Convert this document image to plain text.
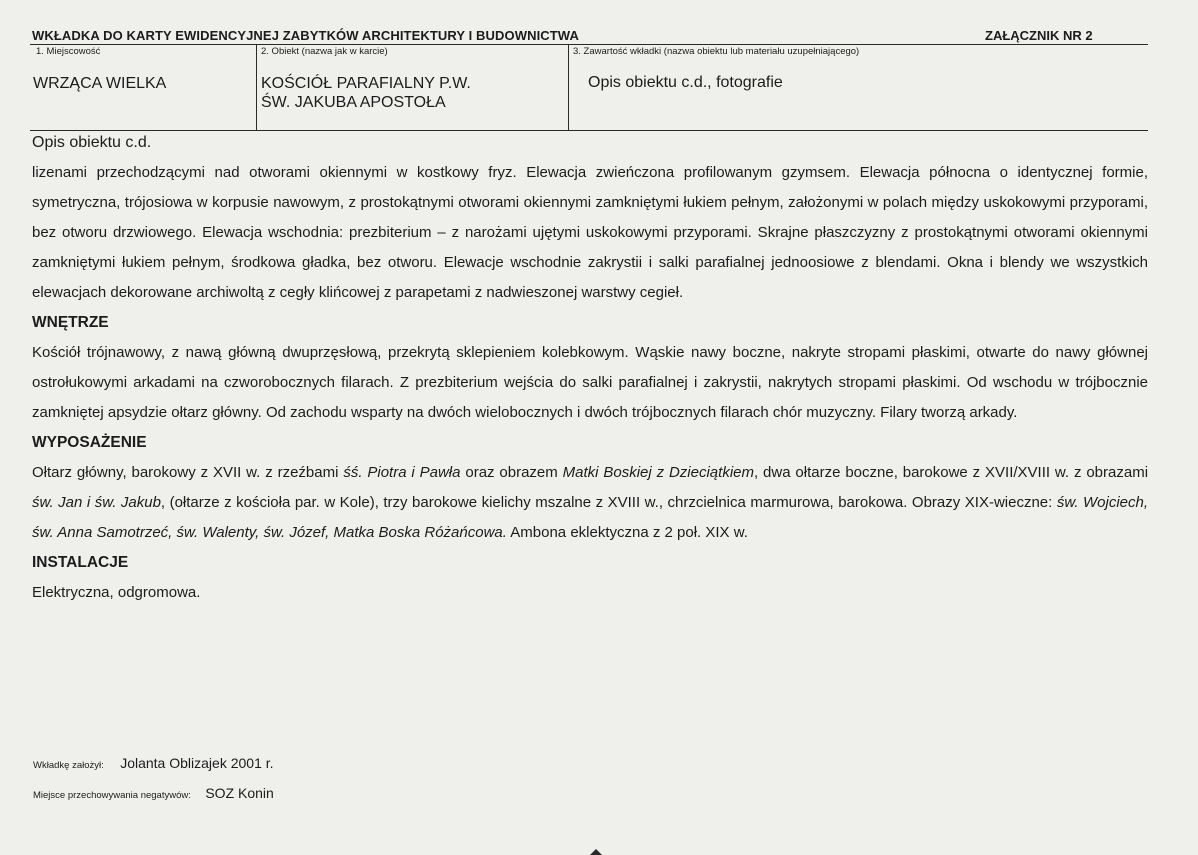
WKŁADKA DO KARTY EWIDENCYJNEJ ZABYTKÓW ARCHITEKTURY I BUDOWNICTWA	ZAŁĄCZNIK NR 2
1. Miejscowość
WRZĄCA WIELKA
2. Obiekt (nazwa jak w karcie)
KOŚCIÓŁ PARAFIALNY P.W.
ŚW. JAKUBA APOSTOŁA
3. Zawartość wkładki (nazwa obiektu lub materiału uzupełniającego)
Opis obiektu c.d., fotografie

Opis obiektu c.d.

lizenami przechodzącymi nad otworami okiennymi w kostkowy fryz. Elewacja zwieńczona profilowanym gzymsem. Elewacja północna o identycznej formie, symetryczna, trójosiowa w korpusie nawowym, z prostokątnymi otworami okiennymi zamkniętymi łukiem pełnym, założonymi w polach między uskokowymi przyporami, bez otworu drzwiowego. Elewacja wschodnia: prezbiterium – z narożami ujętymi uskokowymi przyporami. Skrajne płaszczyzny z prostokątnymi otworami okiennymi zamkniętymi łukiem pełnym, środkowa gładka, bez otworu. Elewacje wschodnie zakrystii i salki parafialnej jednoosiowe z blendami. Okna i blendy we wszystkich elewacjach dekorowane archiwoltą z cegły klińcowej z parapetami z nadwieszonej warstwy cegieł.

WNĘTRZE

Kościół trójnawowy, z nawą główną dwuprzęsłową, przekrytą sklepieniem kolebkowym. Wąskie nawy boczne, nakryte stropami płaskimi, otwarte do nawy głównej ostrołukowymi arkadami na czworobocznych filarach. Z prezbiterium wejścia do salki parafialnej i zakrystii, nakrytych stropami płaskimi. Od wschodu w trójbocznie zamkniętej apsydzie ołtarz główny. Od zachodu wsparty na dwóch wielobocznych i dwóch trójbocznych filarach chór muzyczny. Filary tworzą arkady.

WYPOSAŻENIE

Ołtarz główny, barokowy z XVII w. z rzeźbami śś. Piotra i Pawła oraz obrazem Matki Boskiej z Dzieciątkiem, dwa ołtarze boczne, barokowe z XVII/XVIII w. z obrazami św. Jan i św. Jakub, (ołtarze z kościoła par. w Kole), trzy barokowe kielichy mszalne z XVIII w., chrzcielnica marmurowa, barokowa. Obrazy XIX-wieczne: św. Wojciech, św. Anna Samotrzeć, św. Walenty, św. Józef, Matka Boska Różańcowa. Ambona eklektyczna z 2 poł. XIX w.

INSTALACJE

Elektryczna, odgromowa.

Wkładkę założył: Jolanta Oblizajek 2001 r.
Miejsce przechowywania negatywów: SOZ Konin
